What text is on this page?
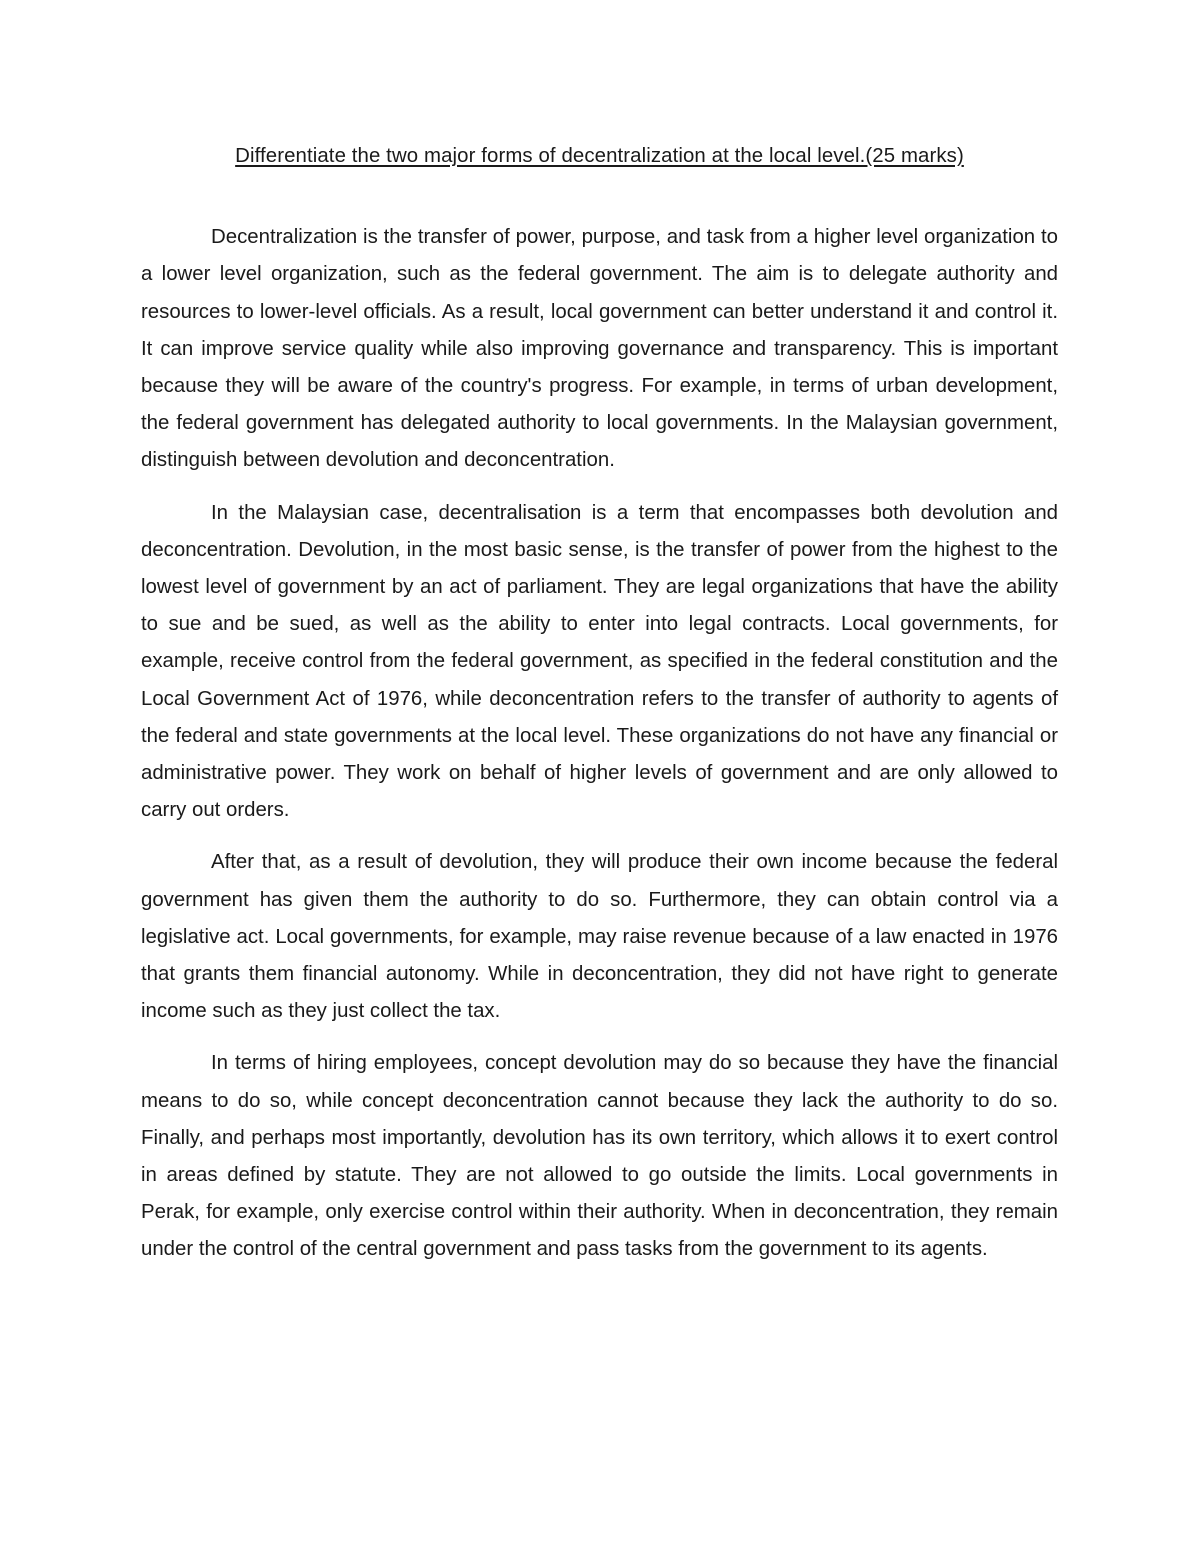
Differentiate the two major forms of decentralization at the local level.(25 marks)

Decentralization is the transfer of power, purpose, and task from a higher level organization to a lower level organization, such as the federal government. The aim is to delegate authority and resources to lower-level officials. As a result, local government can better understand it and control it. It can improve service quality while also improving governance and transparency. This is important because they will be aware of the country's progress. For example, in terms of urban development, the federal government has delegated authority to local governments. In the Malaysian government, distinguish between devolution and deconcentration.

In the Malaysian case, decentralisation is a term that encompasses both devolution and deconcentration. Devolution, in the most basic sense, is the transfer of power from the highest to the lowest level of government by an act of parliament. They are legal organizations that have the ability to sue and be sued, as well as the ability to enter into legal contracts. Local governments, for example, receive control from the federal government, as specified in the federal constitution and the Local Government Act of 1976, while deconcentration refers to the transfer of authority to agents of the federal and state governments at the local level. These organizations do not have any financial or administrative power. They work on behalf of higher levels of government and are only allowed to carry out orders.

After that, as a result of devolution, they will produce their own income because the federal government has given them the authority to do so. Furthermore, they can obtain control via a legislative act. Local governments, for example, may raise revenue because of a law enacted in 1976 that grants them financial autonomy. While in deconcentration, they did not have right to generate income such as they just collect the tax.

In terms of hiring employees, concept devolution may do so because they have the financial means to do so, while concept deconcentration cannot because they lack the authority to do so. Finally, and perhaps most importantly, devolution has its own territory, which allows it to exert control in areas defined by statute. They are not allowed to go outside the limits. Local governments in Perak, for example, only exercise control within their authority. When in deconcentration, they remain under the control of the central government and pass tasks from the government to its agents.
